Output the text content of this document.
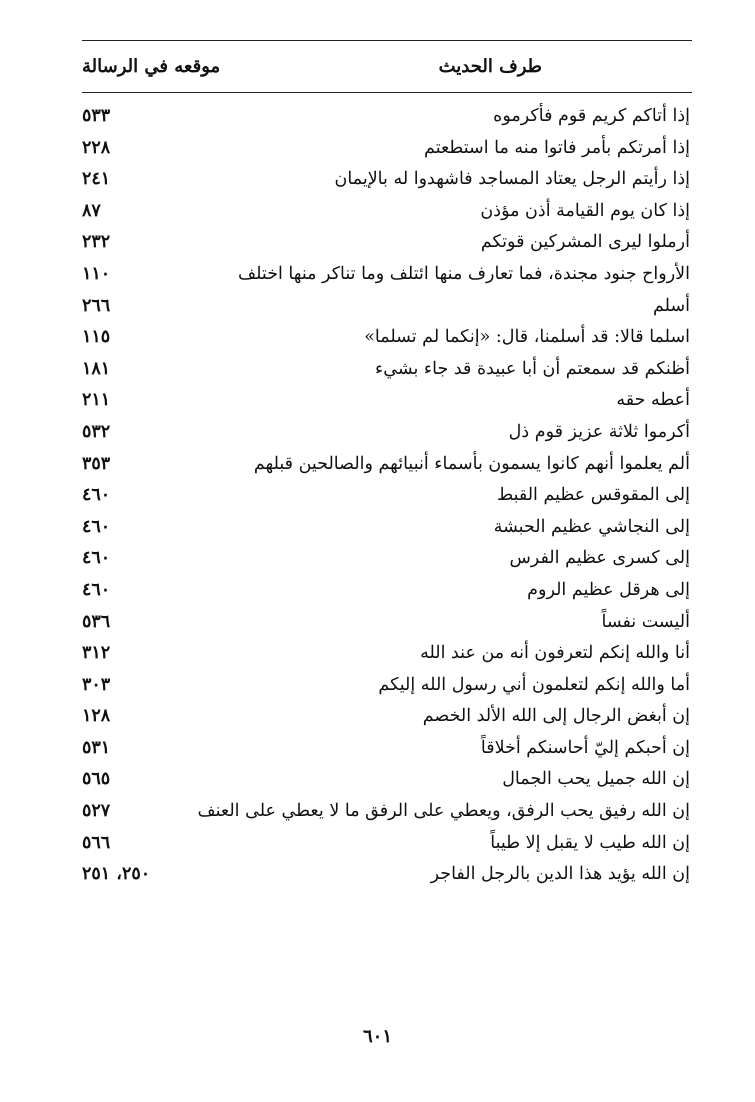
طرف الحديث
موقعه في الرسالة
إذا أتاكم كريم قوم فأكرموه
٥٣٣
إذا أمرتكم بأمر فاتوا منه ما استطعتم
٢٢٨
إذا رأيتم الرجل يعتاد المساجد فاشهدوا له بالإيمان
٢٤١
إذا كان يوم القيامة أذن مؤذن
٨٧
أرملوا ليرى المشركين قوتكم
٢٣٢
الأرواح جنود مجندة، فما تعارف منها ائتلف وما تناكر منها اختلف
١١٠
أسلم
٢٦٦
اسلما قالا: قد أسلمنا، قال: «إنكما لم تسلما»
١١٥
أظنكم قد سمعتم أن أبا عبيدة قد جاء بشيء
١٨١
أعطه حقه
٢١١
أكرموا ثلاثة عزيز قوم ذل
٥٣٢
ألم يعلموا أنهم كانوا يسمون بأسماء أنبيائهم والصالحين قبلهم
٣٥٣
إلى المقوقس عظيم القبط
٤٦٠
إلى النجاشي عظيم الحبشة
٤٦٠
إلى كسرى عظيم الفرس
٤٦٠
إلى هرقل عظيم الروم
٤٦٠
أليست نفساً
٥٣٦
أنا والله إنكم لتعرفون أنه من عند الله
٣١٢
أما والله إنكم لتعلمون أني رسول الله إليكم
٣٠٣
إن أبغض الرجال إلى الله الألد الخصم
١٢٨
إن أحبكم إليّ أحاسنكم أخلاقاً
٥٣١
إن الله جميل يحب الجمال
٥٦٥
إن الله رفيق يحب الرفق، ويعطي على الرفق ما لا يعطي على العنف
٥٢٧
إن الله طيب لا يقبل إلا طيباً
٥٦٦
إن الله يؤيد هذا الدين بالرجل الفاجر
٢٥٠، ٢٥١
٦٠١
